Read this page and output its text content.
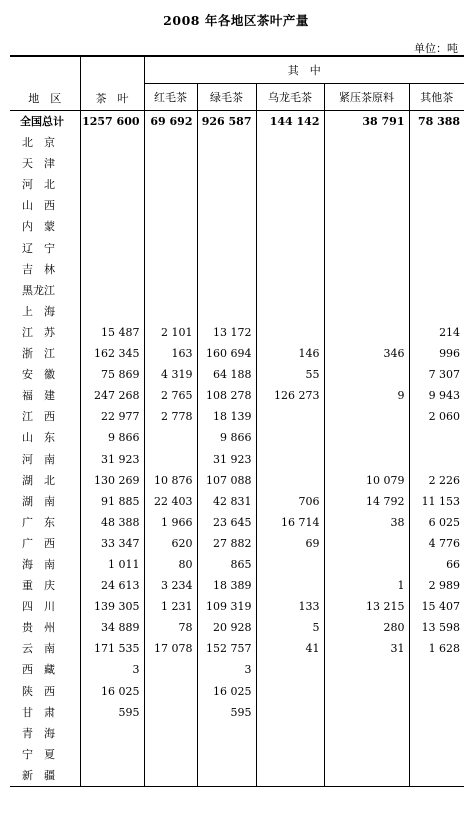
2008 年各地区茶叶产量
单位：吨
地　区	茶　叶	其　中				
		红毛茶	绿毛茶	乌龙毛茶	紧压茶原料	其他茶
全国总计	1257 600	69 692	926 587	144 142	38 791	78 388
北　京						
天　津						
河　北						
山　西						
内　蒙						
辽　宁						
吉　林						
黑龙江						
上　海						
江　苏	15 487	2 101	13 172			214
浙　江	162 345	163	160 694	146	346	996
安　徽	75 869	4 319	64 188	55		7 307
福　建	247 268	2 765	108 278	126 273	9	9 943
江　西	22 977	2 778	18 139			2 060
山　东	9 866		9 866			
河　南	31 923		31 923			
湖　北	130 269	10 876	107 088		10 079	2 226
湖　南	91 885	22 403	42 831	706	14 792	11 153
广　东	48 388	1 966	23 645	16 714	38	6 025
广　西	33 347	620	27 882	69		4 776
海　南	1 011	80	865			66
重　庆	24 613	3 234	18 389		1	2 989
四　川	139 305	1 231	109 319	133	13 215	15 407
贵　州	34 889	78	20 928	5	280	13 598
云　南	171 535	17 078	152 757	41	31	1 628
西　藏	3		3			
陕　西	16 025		16 025			
甘　肃	595		595			
青　海						
宁　夏						
新　疆						
